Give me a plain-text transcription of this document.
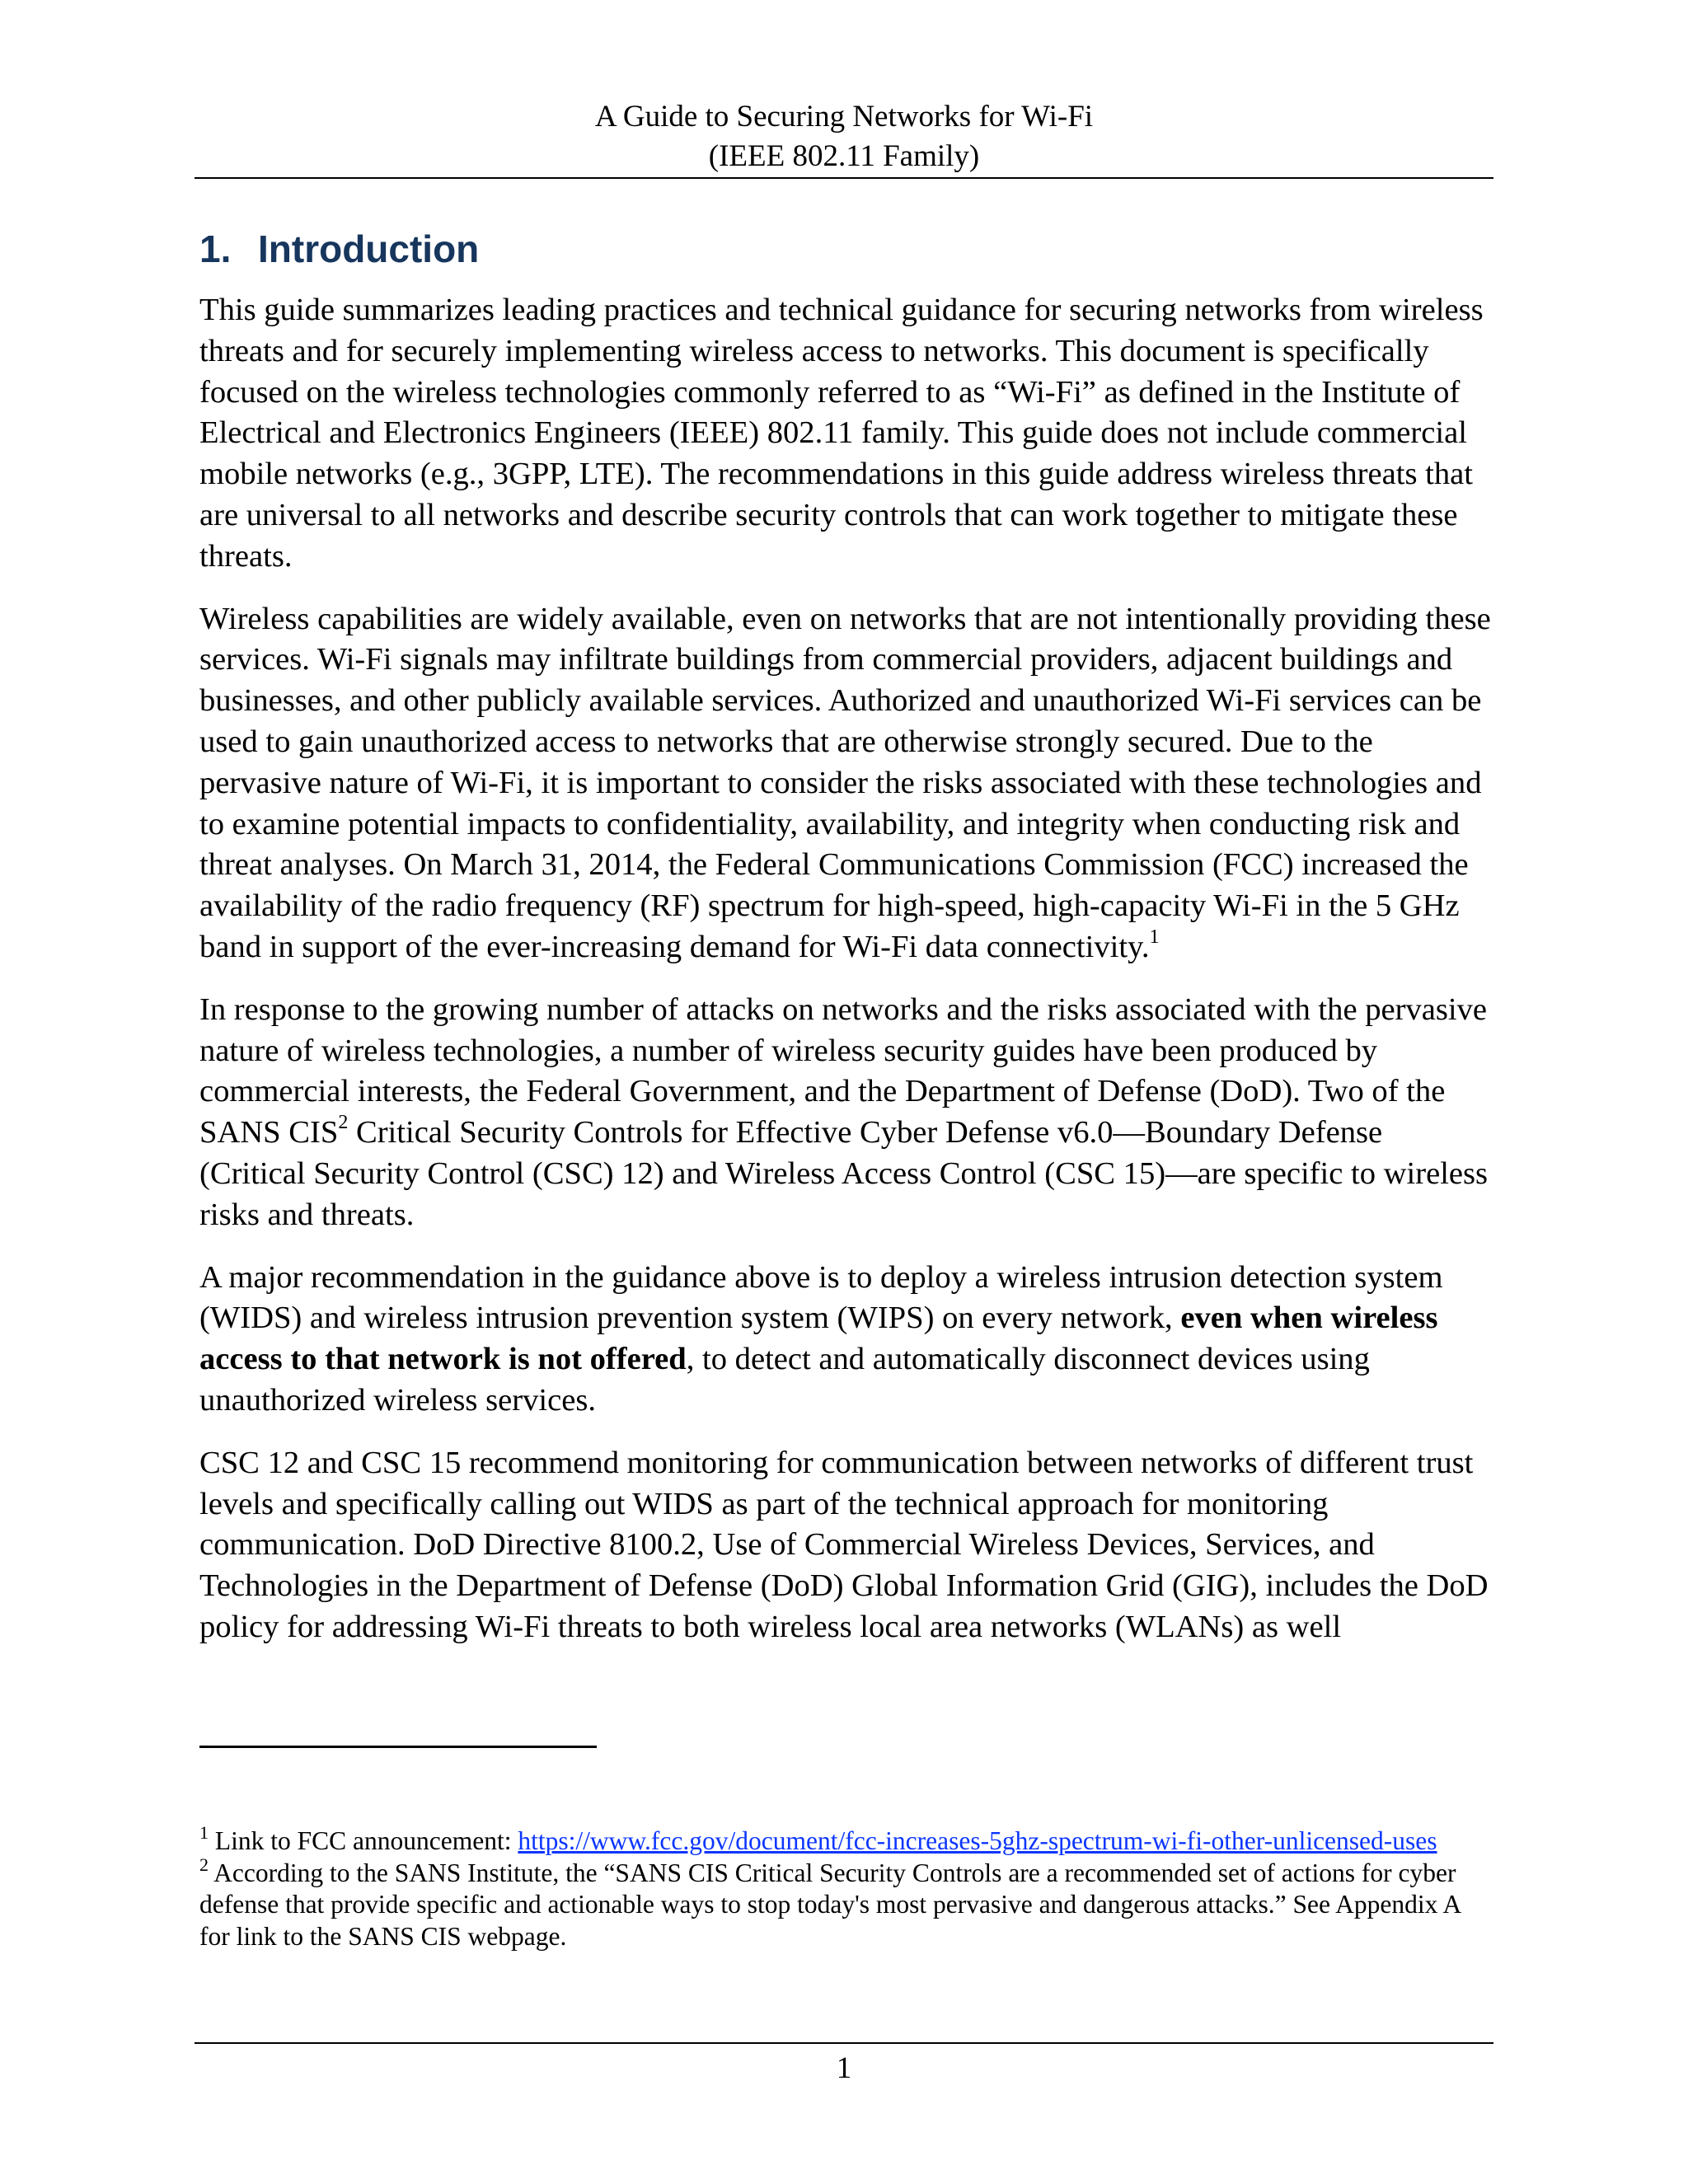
A Guide to Securing Networks for Wi-Fi
(IEEE 802.11 Family)
1. Introduction

This guide summarizes leading practices and technical guidance for securing networks from wireless threats and for securely implementing wireless access to networks. This document is specifically focused on the wireless technologies commonly referred to as “Wi-Fi” as defined in the Institute of Electrical and Electronics Engineers (IEEE) 802.11 family. This guide does not include commercial mobile networks (e.g., 3GPP, LTE). The recommendations in this guide address wireless threats that are universal to all networks and describe security controls that can work together to mitigate these threats.

Wireless capabilities are widely available, even on networks that are not intentionally providing these services. Wi-Fi signals may infiltrate buildings from commercial providers, adjacent buildings and businesses, and other publicly available services. Authorized and unauthorized Wi-Fi services can be used to gain unauthorized access to networks that are otherwise strongly secured. Due to the pervasive nature of Wi-Fi, it is important to consider the risks associated with these technologies and to examine potential impacts to confidentiality, availability, and integrity when conducting risk and threat analyses. On March 31, 2014, the Federal Communications Commission (FCC) increased the availability of the radio frequency (RF) spectrum for high-speed, high-capacity Wi-Fi in the 5 GHz band in support of the ever-increasing demand for Wi-Fi data connectivity.$^1$

In response to the growing number of attacks on networks and the risks associated with the pervasive nature of wireless technologies, a number of wireless security guides have been produced by commercial interests, the Federal Government, and the Department of Defense (DoD). Two of the SANS CIS$^2$ Critical Security Controls for Effective Cyber Defense v6.0—Boundary Defense (Critical Security Control (CSC) 12) and Wireless Access Control (CSC 15)—are specific to wireless risks and threats.

A major recommendation in the guidance above is to deploy a wireless intrusion detection system (WIDS) and wireless intrusion prevention system (WIPS) on every network, even when wireless access to that network is not offered, to detect and automatically disconnect devices using unauthorized wireless services.

CSC 12 and CSC 15 recommend monitoring for communication between networks of different trust levels and specifically calling out WIDS as part of the technical approach for monitoring communication. DoD Directive 8100.2, Use of Commercial Wireless Devices, Services, and Technologies in the Department of Defense (DoD) Global Information Grid (GIG), includes the DoD policy for addressing Wi-Fi threats to both wireless local area networks (WLANs) as well

$^1$ Link to FCC announcement: https://www.fcc.gov/document/fcc-increases-5ghz-spectrum-wi-fi-other-unlicensed-uses

$^2$ According to the SANS Institute, the “SANS CIS Critical Security Controls are a recommended set of actions for cyber defense that provide specific and actionable ways to stop today's most pervasive and dangerous attacks.” See Appendix A for link to the SANS CIS webpage.

1
